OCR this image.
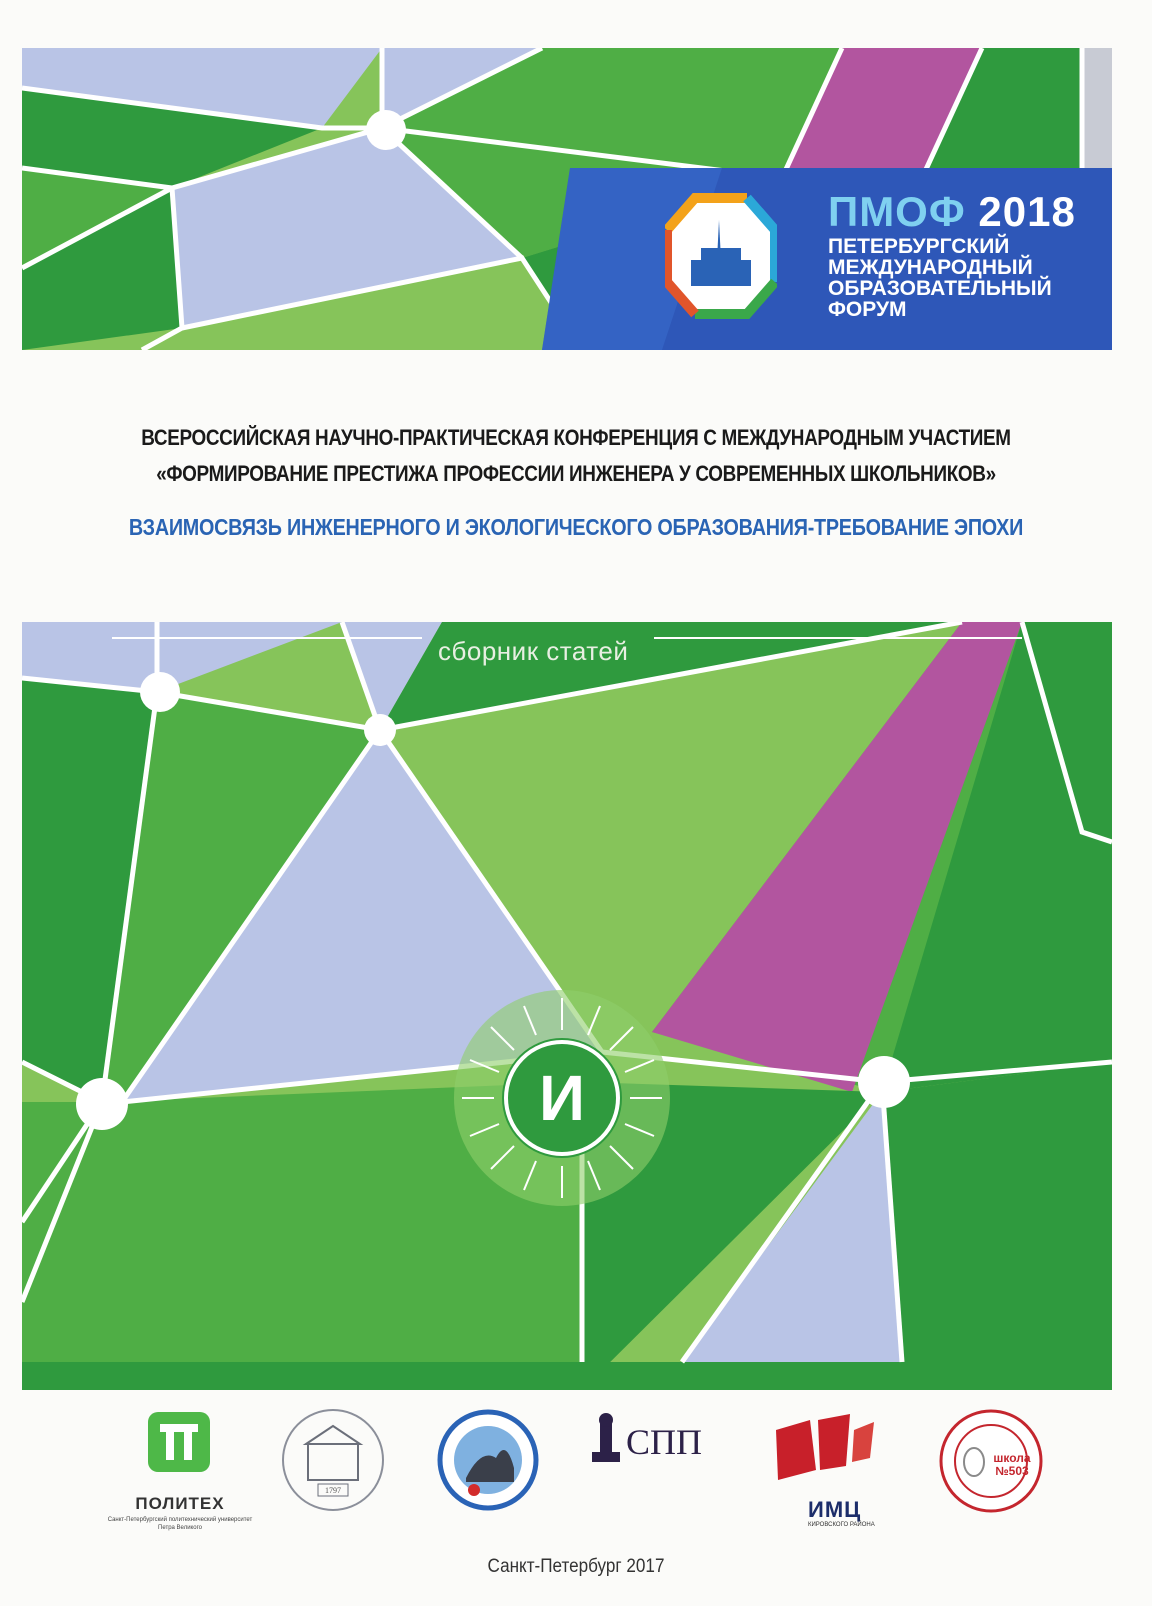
ПМОФ 2018
ПЕТЕРБУРГСКИЙ
МЕЖДУНАРОДНЫЙ
ОБРАЗОВАТЕЛЬНЫЙ
ФОРУМ
ВСЕРОССИЙСКАЯ НАУЧНО-ПРАКТИЧЕСКАЯ КОНФЕРЕНЦИЯ С МЕЖДУНАРОДНЫМ УЧАСТИЕМ
«ФОРМИРОВАНИЕ ПРЕСТИЖА ПРОФЕССИИ ИНЖЕНЕРА У СОВРЕМЕННЫХ ШКОЛЬНИКОВ»
ВЗАИМОСВЯЗЬ ИНЖЕНЕРНОГО И ЭКОЛОГИЧЕСКОГО ОБРАЗОВАНИЯ-ТРЕБОВАНИЕ ЭПОХИ
И
сборник статей
ПОЛИТЕХ
Санкт-Петербургский политехнический университет Петра Великого
1797
СПП
ИМЦ
КИРОВСКОГО РАЙОНА
школа №503
Санкт-Петербург 2017
